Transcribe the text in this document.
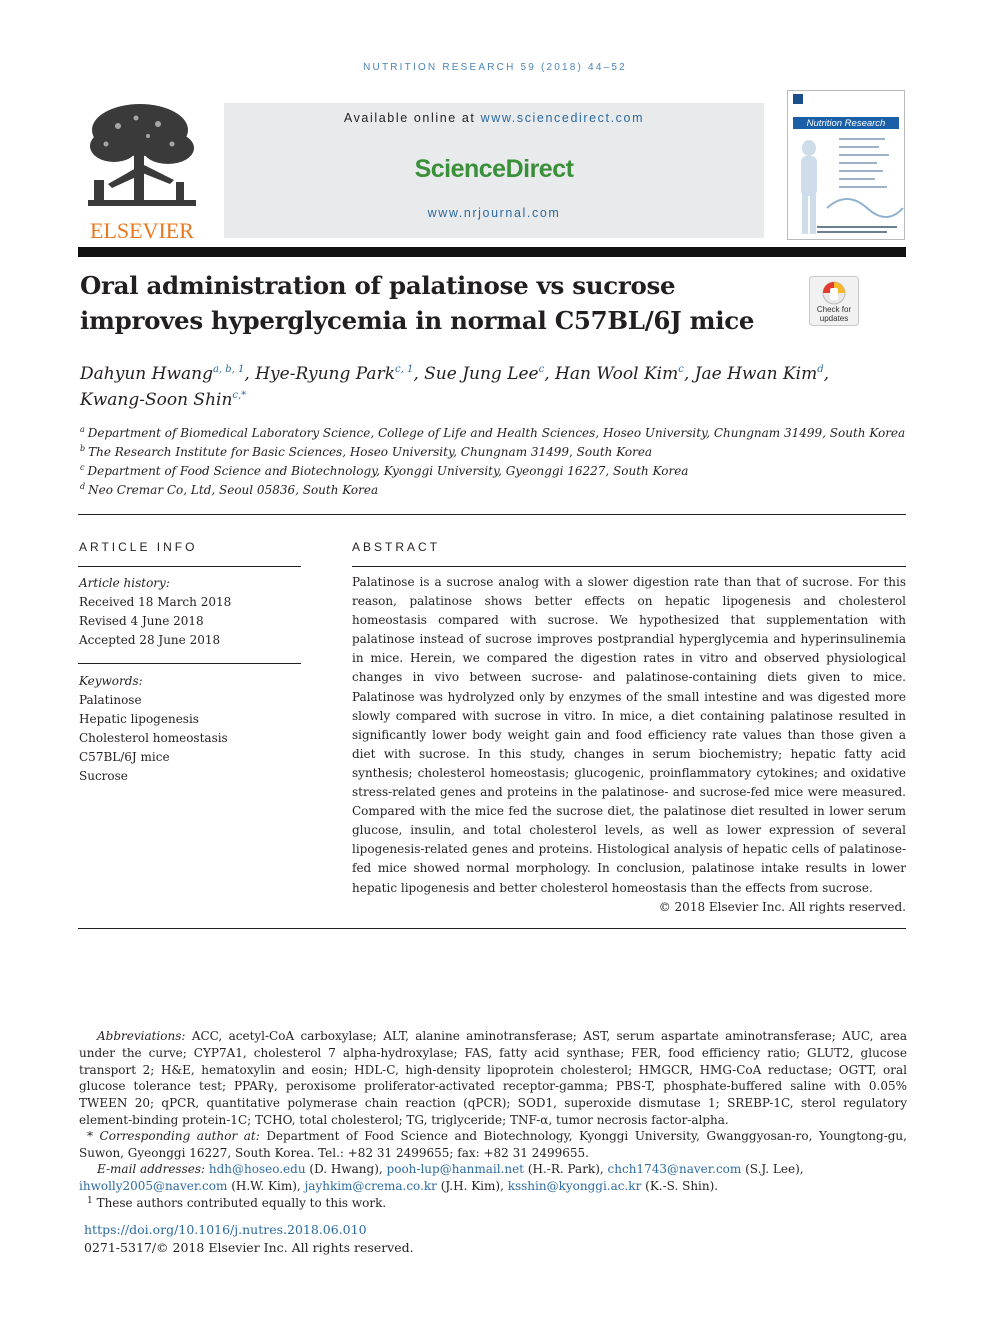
NUTRITION RESEARCH 59 (2018) 44–52
ELSEVIER
Available online at www.sciencedirect.com
ScienceDirect
www.nrjournal.com
Nutrition Research
Oral administration of palatinose vs sucrose
improves hyperglycemia in normal C57BL/6J mice	Check for updates
Dahyun Hwang$^{a, b, 1}$, Hye-Ryung Park$^{c, 1}$, Sue Jung Lee$^c$, Han Wool Kim$^c$, Jae Hwan Kim$^d$,
Kwang-Soon Shin$^{c,*}$
$^a$ Department of Biomedical Laboratory Science, College of Life and Health Sciences, Hoseo University, Chungnam 31499, South Korea
$^b$ The Research Institute for Basic Sciences, Hoseo University, Chungnam 31499, South Korea
$^c$ Department of Food Science and Biotechnology, Kyonggi University, Gyeonggi 16227, South Korea
$^d$ Neo Cremar Co, Ltd, Seoul 05836, South Korea
ARTICLE INFO
Article history:
Received 18 March 2018
Revised 4 June 2018
Accepted 28 June 2018
Keywords:
Palatinose
Hepatic lipogenesis
Cholesterol homeostasis
C57BL/6J mice
Sucrose
ABSTRACT
Palatinose is a sucrose analog with a slower digestion rate than that of sucrose. For this reason, palatinose shows better effects on hepatic lipogenesis and cholesterol homeostasis compared with sucrose. We hypothesized that supplementation with palatinose instead of sucrose improves postprandial hyperglycemia and hyperinsulinemia in mice. Herein, we compared the digestion rates in vitro and observed physiological changes in vivo between sucrose- and palatinose-containing diets given to mice. Palatinose was hydrolyzed only by enzymes of the small intestine and was digested more slowly compared with sucrose in vitro. In mice, a diet containing palatinose resulted in significantly lower body weight gain and food efficiency rate values than those given a diet with sucrose. In this study, changes in serum biochemistry; hepatic fatty acid synthesis; cholesterol homeostasis; glucogenic, proinflammatory cytokines; and oxidative stress-related genes and proteins in the palatinose- and sucrose-fed mice were measured. Compared with the mice fed the sucrose diet, the palatinose diet resulted in lower serum glucose, insulin, and total cholesterol levels, as well as lower expression of several lipogenesis-related genes and proteins. Histological analysis of hepatic cells of palatinose-fed mice showed normal morphology. In conclusion, palatinose intake results in lower hepatic lipogenesis and better cholesterol homeostasis than the effects from sucrose.
© 2018 Elsevier Inc. All rights reserved.
Abbreviations: ACC, acetyl-CoA carboxylase; ALT, alanine aminotransferase; AST, serum aspartate aminotransferase; AUC, area under the curve; CYP7A1, cholesterol 7 alpha-hydroxylase; FAS, fatty acid synthase; FER, food efficiency ratio; GLUT2, glucose transport 2; H&E, hematoxylin and eosin; HDL-C, high-density lipoprotein cholesterol; HMGCR, HMG-CoA reductase; OGTT, oral glucose tolerance test; PPARγ, peroxisome proliferator-activated receptor-gamma; PBS-T, phosphate-buffered saline with 0.05% TWEEN 20; qPCR, quantitative polymerase chain reaction (qPCR); SOD1, superoxide dismutase 1; SREBP-1C, sterol regulatory element-binding protein-1C; TCHO, total cholesterol; TG, triglyceride; TNF-α, tumor necrosis factor-alpha.
* Corresponding author at: Department of Food Science and Biotechnology, Kyonggi University, Gwanggyosan-ro, Youngtong-gu, Suwon, Gyeonggi 16227, South Korea. Tel.: +82 31 2499655; fax: +82 31 2499655.
E-mail addresses: hdh@hoseo.edu (D. Hwang), pooh-lup@hanmail.net (H.-R. Park), chch1743@naver.com (S.J. Lee),
ihwolly2005@naver.com (H.W. Kim), jayhkim@crema.co.kr (J.H. Kim), ksshin@kyonggi.ac.kr (K.-S. Shin).
$^1$ These authors contributed equally to this work.
https://doi.org/10.1016/j.nutres.2018.06.010
0271-5317/© 2018 Elsevier Inc. All rights reserved.
